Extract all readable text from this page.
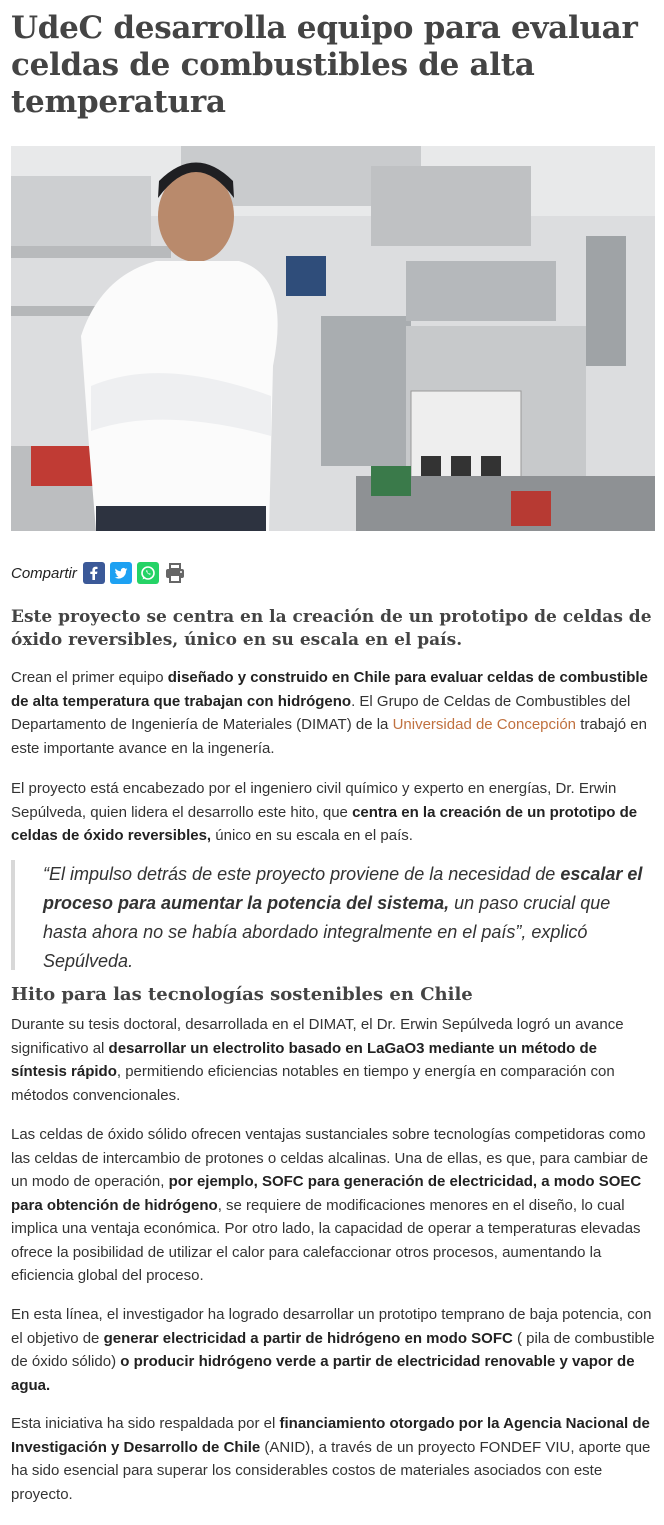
UdeC desarrolla equipo para evaluar celdas de combustibles de alta temperatura
Compartir
Este proyecto se centra en la creación de un prototipo de celdas de óxido reversibles, único en su escala en el país.

Crean el primer equipo diseñado y construido en Chile para evaluar celdas de combustible de alta temperatura que trabajan con hidrógeno. El Grupo de Celdas de Combustibles del Departamento de Ingeniería de Materiales (DIMAT) de la Universidad de Concepción trabajó en este importante avance en la ingenería.

El proyecto está encabezado por el ingeniero civil químico y experto en energías, Dr. Erwin Sepúlveda, quien lidera el desarrollo este hito, que centra en la creación de un prototipo de celdas de óxido reversibles, único en su escala en el país.

“El impulso detrás de este proyecto proviene de la necesidad de escalar el proceso para aumentar la potencia del sistema, un paso crucial que hasta ahora no se había abordado integralmente en el país”, explicó Sepúlveda.
Hito para las tecnologías sostenibles en Chile

Durante su tesis doctoral, desarrollada en el DIMAT, el Dr. Erwin Sepúlveda logró un avance significativo al desarrollar un electrolito basado en LaGaO3 mediante un método de síntesis rápido, permitiendo eficiencias notables en tiempo y energía en comparación con métodos convencionales.

Las celdas de óxido sólido ofrecen ventajas sustanciales sobre tecnologías competidoras como las celdas de intercambio de protones o celdas alcalinas. Una de ellas, es que, para cambiar de un modo de operación, por ejemplo, SOFC para generación de electricidad, a modo SOEC para obtención de hidrógeno, se requiere de modificaciones menores en el diseño, lo cual implica una ventaja económica. Por otro lado, la capacidad de operar a temperaturas elevadas ofrece la posibilidad de utilizar el calor para calefaccionar otros procesos, aumentando la eficiencia global del proceso.

En esta línea, el investigador ha logrado desarrollar un prototipo temprano de baja potencia, con el objetivo de generar electricidad a partir de hidrógeno en modo SOFC ( pila de combustible de óxido sólido) o producir hidrógeno verde a partir de electricidad renovable y vapor de agua.

Esta iniciativa ha sido respaldada por el financiamiento otorgado por la Agencia Nacional de Investigación y Desarrollo de Chile (ANID), a través de un proyecto FONDEF VIU, aporte que ha sido esencial para superar los considerables costos de materiales asociados con este proyecto.
